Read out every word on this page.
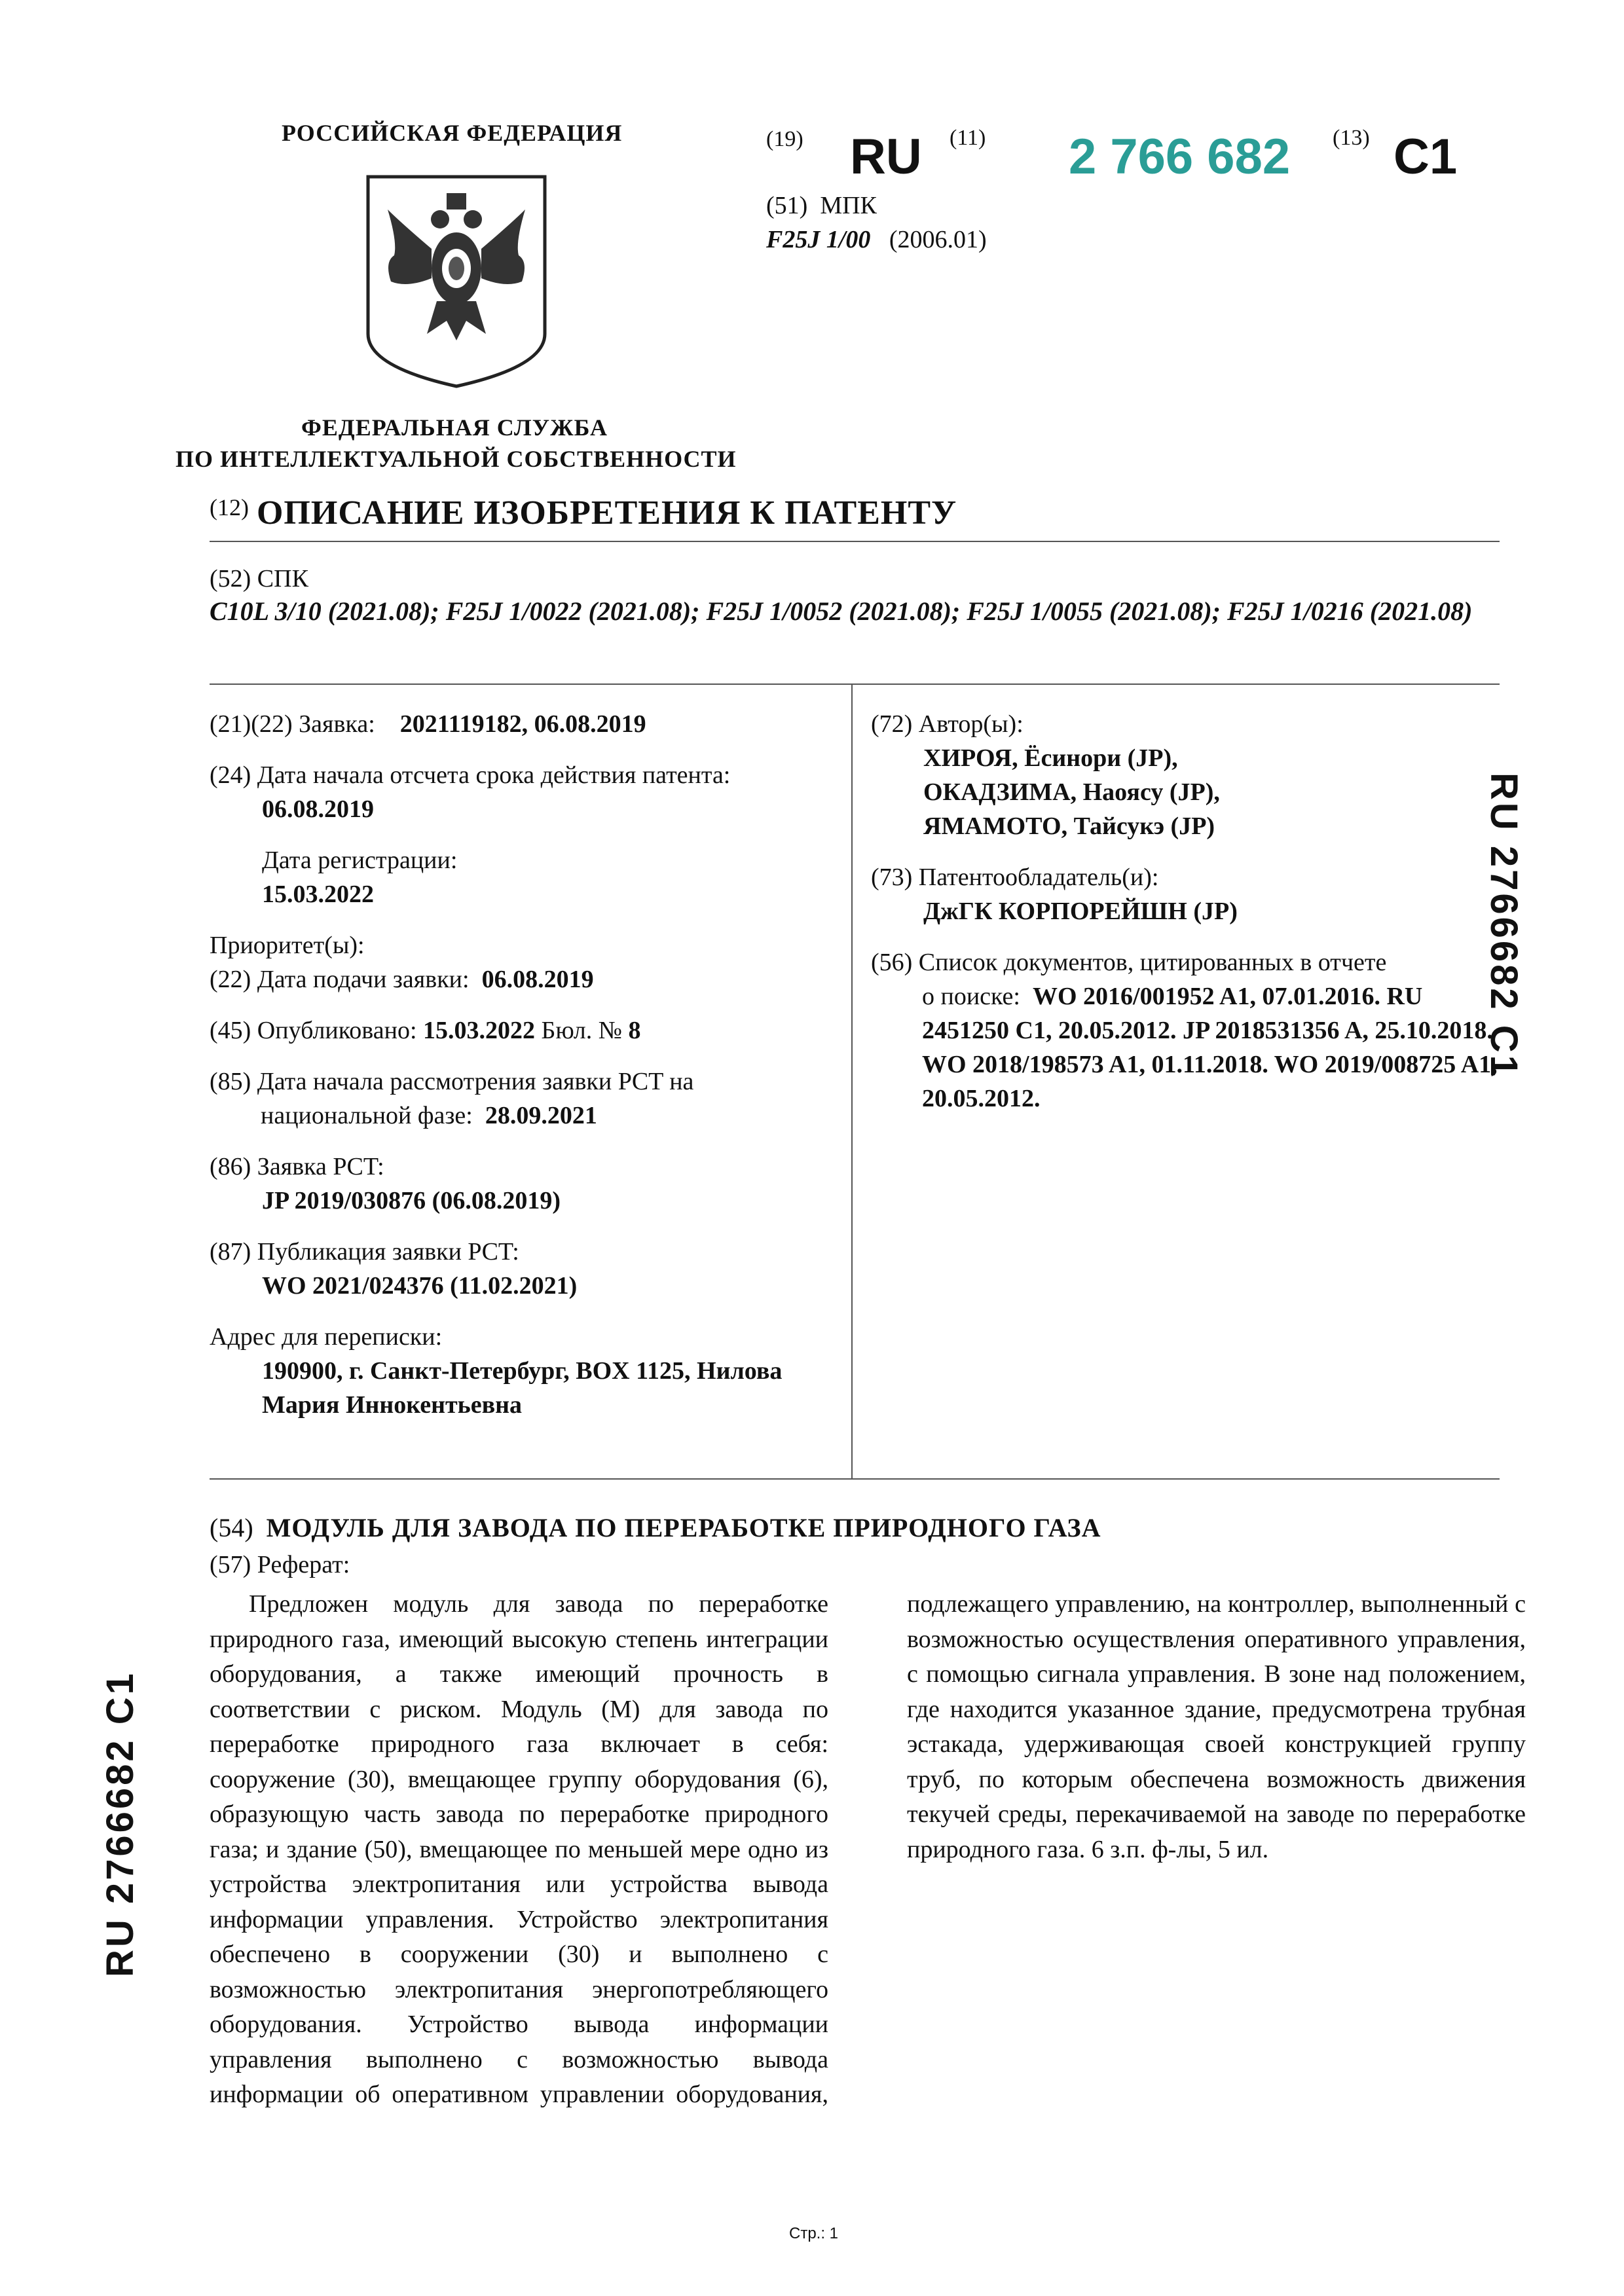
РОССИЙСКАЯ ФЕДЕРАЦИЯ
ФЕДЕРАЛЬНАЯ СЛУЖБА
ПО ИНТЕЛЛЕКТУАЛЬНОЙ СОБСТВЕННОСТИ
(19) RU (11) 2 766 682 (13) C1
(51) МПК
F25J 1/00 (2006.01)
(12) ОПИСАНИЕ ИЗОБРЕТЕНИЯ К ПАТЕНТУ
(52) СПК
C10L 3/10 (2021.08); F25J 1/0022 (2021.08); F25J 1/0052 (2021.08); F25J 1/0055 (2021.08); F25J 1/0216 (2021.08)
(21)(22) Заявка: 2021119182, 06.08.2019
(24) Дата начала отсчета срока действия патента:
06.08.2019
Дата регистрации:
15.03.2022
Приоритет(ы):
(22) Дата подачи заявки: 06.08.2019
(45) Опубликовано: 15.03.2022 Бюл. № 8
(85) Дата начала рассмотрения заявки PCT на
национальной фазе: 28.09.2021
(86) Заявка PCT:
JP 2019/030876 (06.08.2019)
(87) Публикация заявки PCT:
WO 2021/024376 (11.02.2021)
Адрес для переписки:
190900, г. Санкт-Петербург, BOX 1125, Нилова
Мария Иннокентьевна
(72) Автор(ы):
ХИРОЯ, Ёсинори (JP),
ОКАДЗИМА, Наоясу (JP),
ЯМАМОТО, Тайсукэ (JP)
(73) Патентообладатель(и):
ДжГК КОРПОРЕЙШН (JP)
(56) Список документов, цитированных в отчете
о поиске: WO 2016/001952 A1, 07.01.2016. RU 2451250 C1, 20.05.2012. JP 2018531356 A, 25.10.2018. WO 2018/198573 A1, 01.11.2018. WO 2019/008725 A1, 20.05.2012.
RU 2766682 C1
RU 2766682 C1
(54) МОДУЛЬ ДЛЯ ЗАВОДА ПО ПЕРЕРАБОТКЕ ПРИРОДНОГО ГАЗА
(57) Реферат:
Предложен модуль для завода по переработке природного газа, имеющий высокую степень интеграции оборудования, а также имеющий прочность в соответствии с риском. Модуль (M) для завода по переработке природного газа включает в себя: сооружение (30), вмещающее группу оборудования (6), образующую часть завода по переработке природного газа; и здание (50), вмещающее по меньшей мере одно из устройства электропитания или устройства вывода информации управления. Устройство электропитания обеспечено в сооружении (30) и выполнено с возможностью электропитания энергопотребляющего оборудования. Устройство вывода информации управления выполнено с возможностью вывода информации об оперативном управлении оборудования, подлежащего управлению, на контроллер, выполненный с возможностью осуществления оперативного управления, с помощью сигнала управления. В зоне над положением, где находится указанное здание, предусмотрена трубная эстакада, удерживающая своей конструкцией группу труб, по которым обеспечена возможность движения текучей среды, перекачиваемой на заводе по переработке природного газа. 6 з.п. ф-лы, 5 ил.
Стр.: 1
